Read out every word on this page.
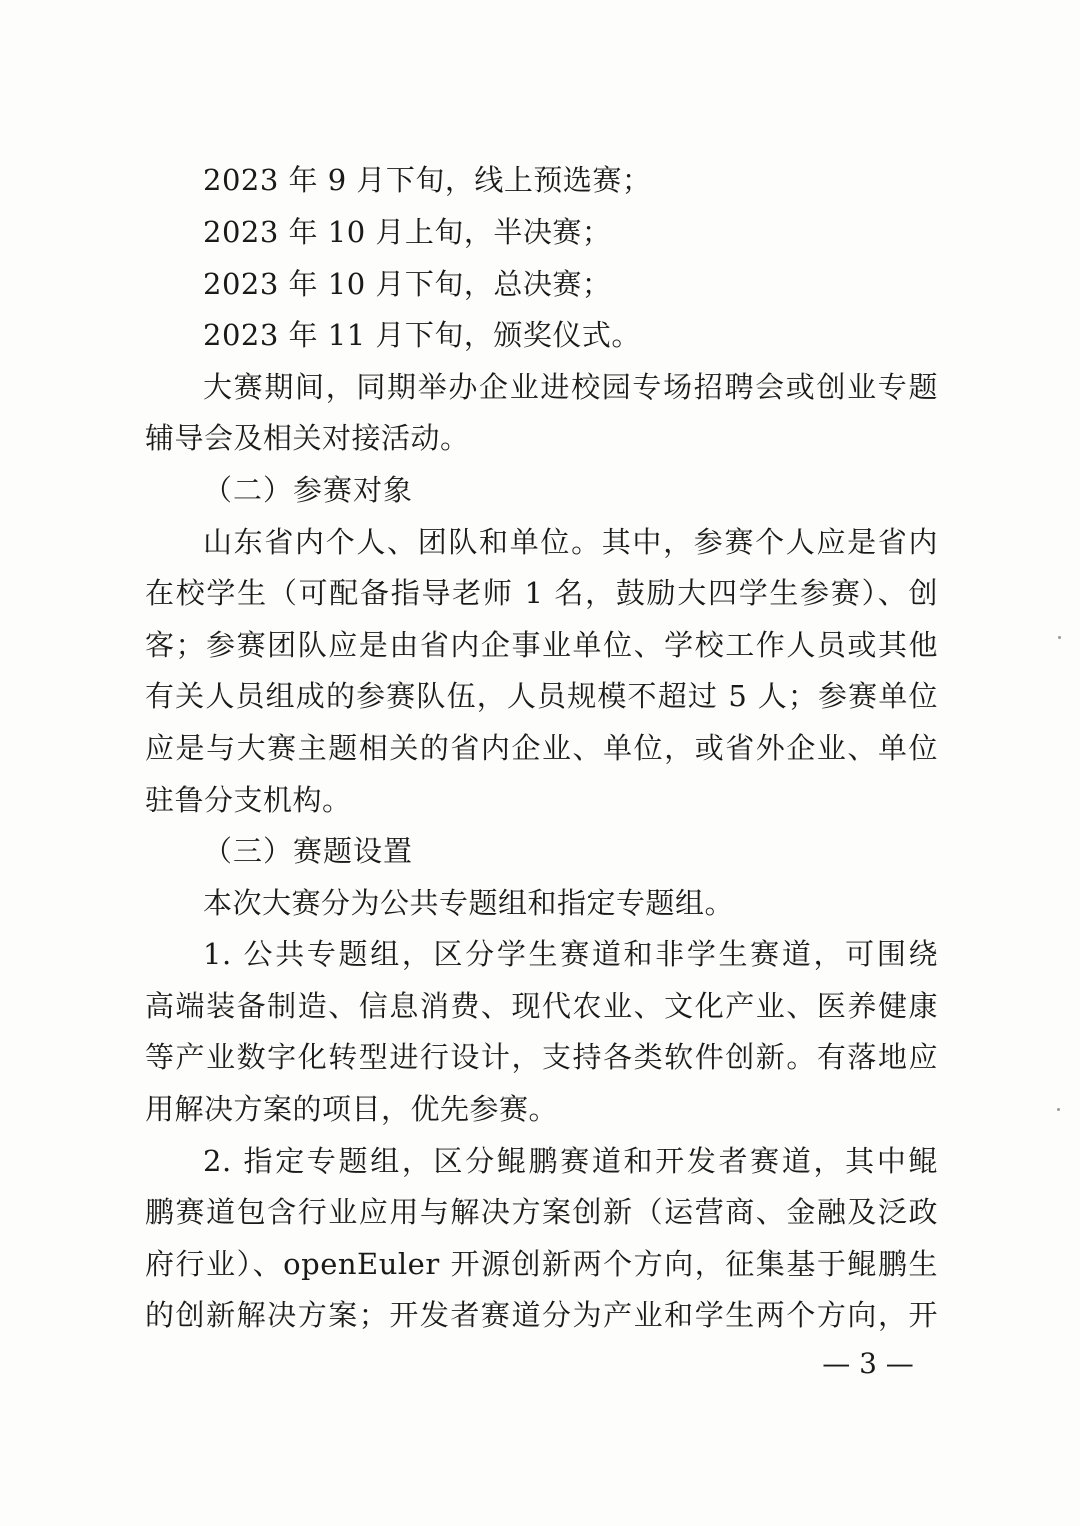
2023 年 9 月下旬，线上预选赛；
2023 年 10 月上旬，半决赛；
2023 年 10 月下旬，总决赛；
2023 年 11 月下旬，颁奖仪式。
大赛期间，同期举办企业进校园专场招聘会或创业专题
辅导会及相关对接活动。
（二）参赛对象
山东省内个人、团队和单位。其中，参赛个人应是省内
在校学生（可配备指导老师 1 名，鼓励大四学生参赛）、创
客；参赛团队应是由省内企事业单位、学校工作人员或其他
有关人员组成的参赛队伍，人员规模不超过 5 人；参赛单位
应是与大赛主题相关的省内企业、单位，或省外企业、单位
驻鲁分支机构。
（三）赛题设置
本次大赛分为公共专题组和指定专题组。
1. 公共专题组，区分学生赛道和非学生赛道，可围绕
高端装备制造、信息消费、现代农业、文化产业、医养健康
等产业数字化转型进行设计，支持各类软件创新。有落地应
用解决方案的项目，优先参赛。
2. 指定专题组，区分鲲鹏赛道和开发者赛道，其中鲲
鹏赛道包含行业应用与解决方案创新（运营商、金融及泛政
府行业）、openEuler 开源创新两个方向，征集基于鲲鹏生
的创新解决方案；开发者赛道分为产业和学生两个方向，开
— 3 —
